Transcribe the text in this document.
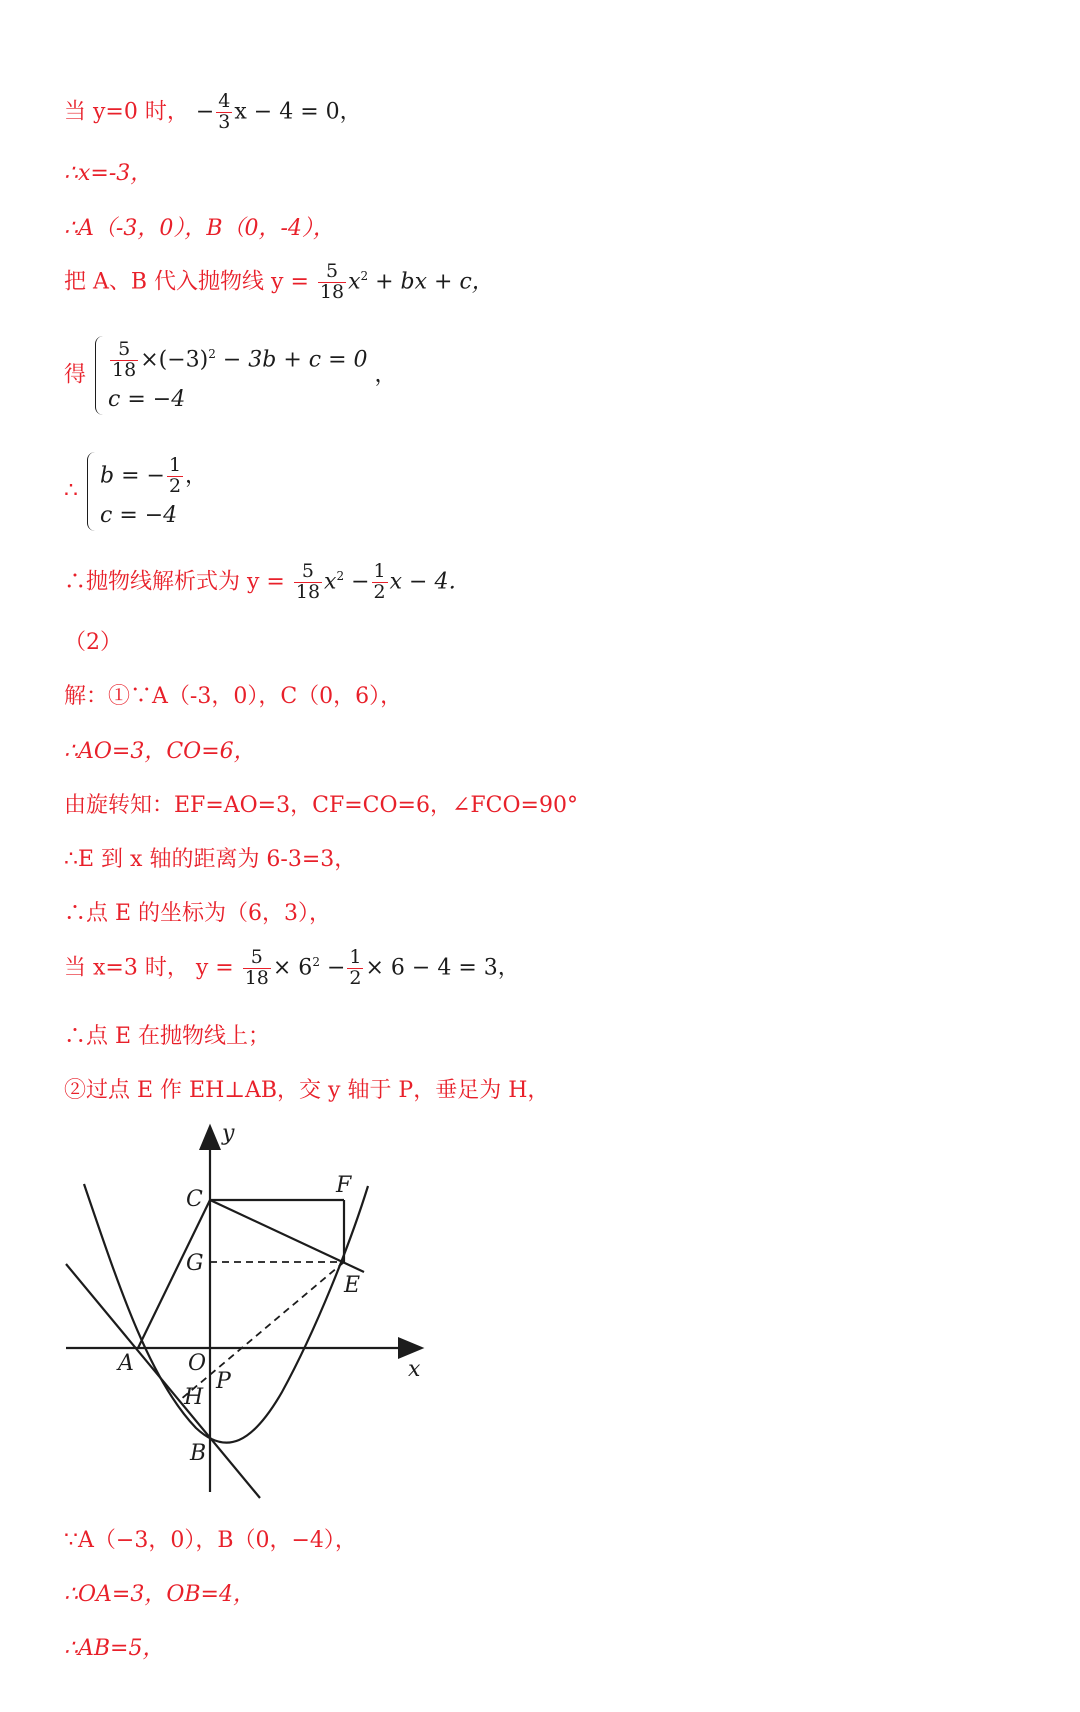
当 y=0 时， − $\frac{4}{3}$ x − 4 = 0，
∴x=-3，
∴A（-3，0），B（0，-4），
把 A、B 代入抛物线 $y = \frac{5}{18} x^2$ + bx + c，
得 $\frac{5}{18} \times(-3)^2 - 3b + c = 0$
c = −4
，
∴
b = − $\frac{1}{2}$ ，
c = −4
∴抛物线解析式为 $y = \frac{5}{18} x^2 - \frac{1}{2}$ x − 4．
（2）
解：①∵A（-3，0），C（0，6），
∴AO=3，CO=6，
由旋转知：EF=AO=3，CF=CO=6，∠FCO=90°
∴E 到 x 轴的距离为 6-3=3，
∴点 E 的坐标为（6，3），
当 x=3 时， $y = \frac{5}{18} \times 6^2 - \frac{1}{2} \times 6 - 4 = 3$，
∴点 E 在抛物线上；
②过点 E 作 EH⊥AB，交 y 轴于 P，垂足为 H，
y
x
C
F
G
E
A O
P
H
B
∵A（−3，0），B（0，−4），
∴OA=3，OB=4，
∴AB=5，
